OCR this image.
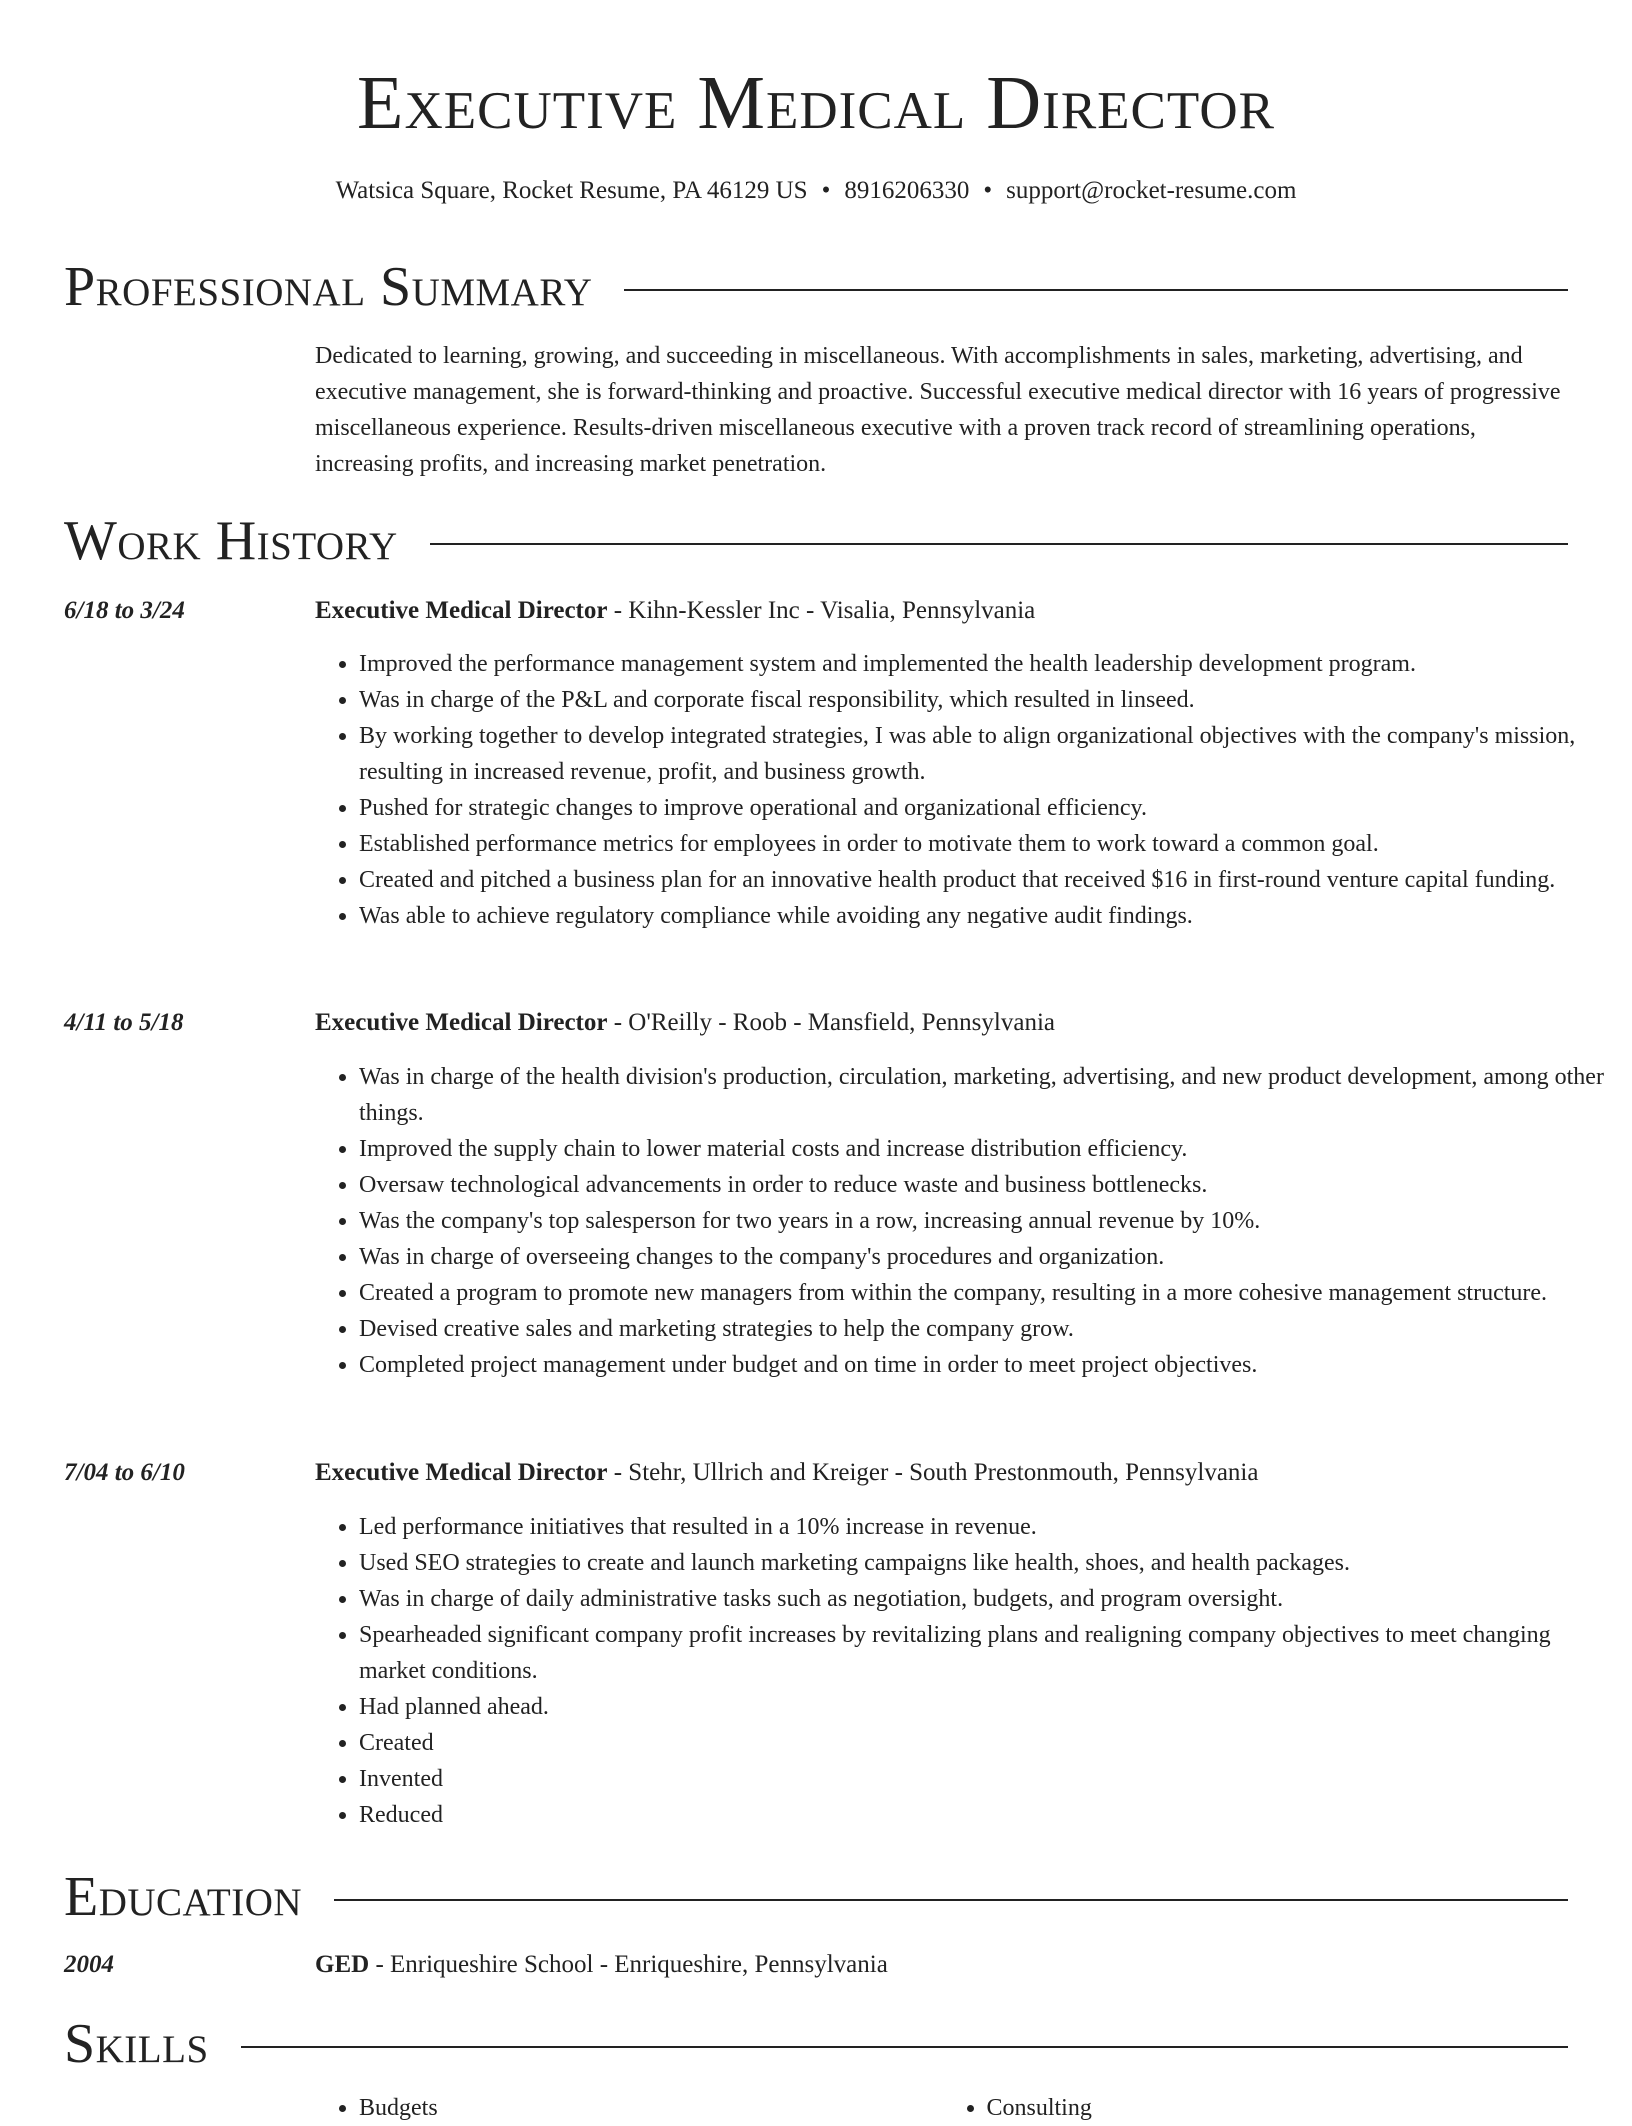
Executive Medical Director
Watsica Square, Rocket Resume, PA 46129 US • 8916206330 • support@rocket-resume.com
Professional Summary
Dedicated to learning, growing, and succeeding in miscellaneous. With accomplishments in sales, marketing, advertising, and executive management, she is forward-thinking and proactive. Successful executive medical director with 16 years of progressive miscellaneous experience. Results-driven miscellaneous executive with a proven track record of streamlining operations, increasing profits, and increasing market penetration.
Work History
6/18 to 3/24	Executive Medical Director - Kihn-Kessler Inc - Visalia, Pennsylvania
• Improved the performance management system and implemented the health leadership development program.
• Was in charge of the P&L and corporate fiscal responsibility, which resulted in linseed.
• By working together to develop integrated strategies, I was able to align organizational objectives with the company's mission, resulting in increased revenue, profit, and business growth.
• Pushed for strategic changes to improve operational and organizational efficiency.
• Established performance metrics for employees in order to motivate them to work toward a common goal.
• Created and pitched a business plan for an innovative health product that received $16 in first-round venture capital funding.
• Was able to achieve regulatory compliance while avoiding any negative audit findings.
4/11 to 5/18	Executive Medical Director - O'Reilly - Roob - Mansfield, Pennsylvania
• Was in charge of the health division's production, circulation, marketing, advertising, and new product development, among other things.
• Improved the supply chain to lower material costs and increase distribution efficiency.
• Oversaw technological advancements in order to reduce waste and business bottlenecks.
• Was the company's top salesperson for two years in a row, increasing annual revenue by 10%.
• Was in charge of overseeing changes to the company's procedures and organization.
• Created a program to promote new managers from within the company, resulting in a more cohesive management structure.
• Devised creative sales and marketing strategies to help the company grow.
• Completed project management under budget and on time in order to meet project objectives.
7/04 to 6/10	Executive Medical Director - Stehr, Ullrich and Kreiger - South Prestonmouth, Pennsylvania
• Led performance initiatives that resulted in a 10% increase in revenue.
• Used SEO strategies to create and launch marketing campaigns like health, shoes, and health packages.
• Was in charge of daily administrative tasks such as negotiation, budgets, and program oversight.
• Spearheaded significant company profit increases by revitalizing plans and realigning company objectives to meet changing market conditions.
• Had planned ahead.
• Created
• Invented
• Reduced
Education
2004	GED - Enriqueshire School - Enriqueshire, Pennsylvania
Skills
• Budgets
•	Consulting
